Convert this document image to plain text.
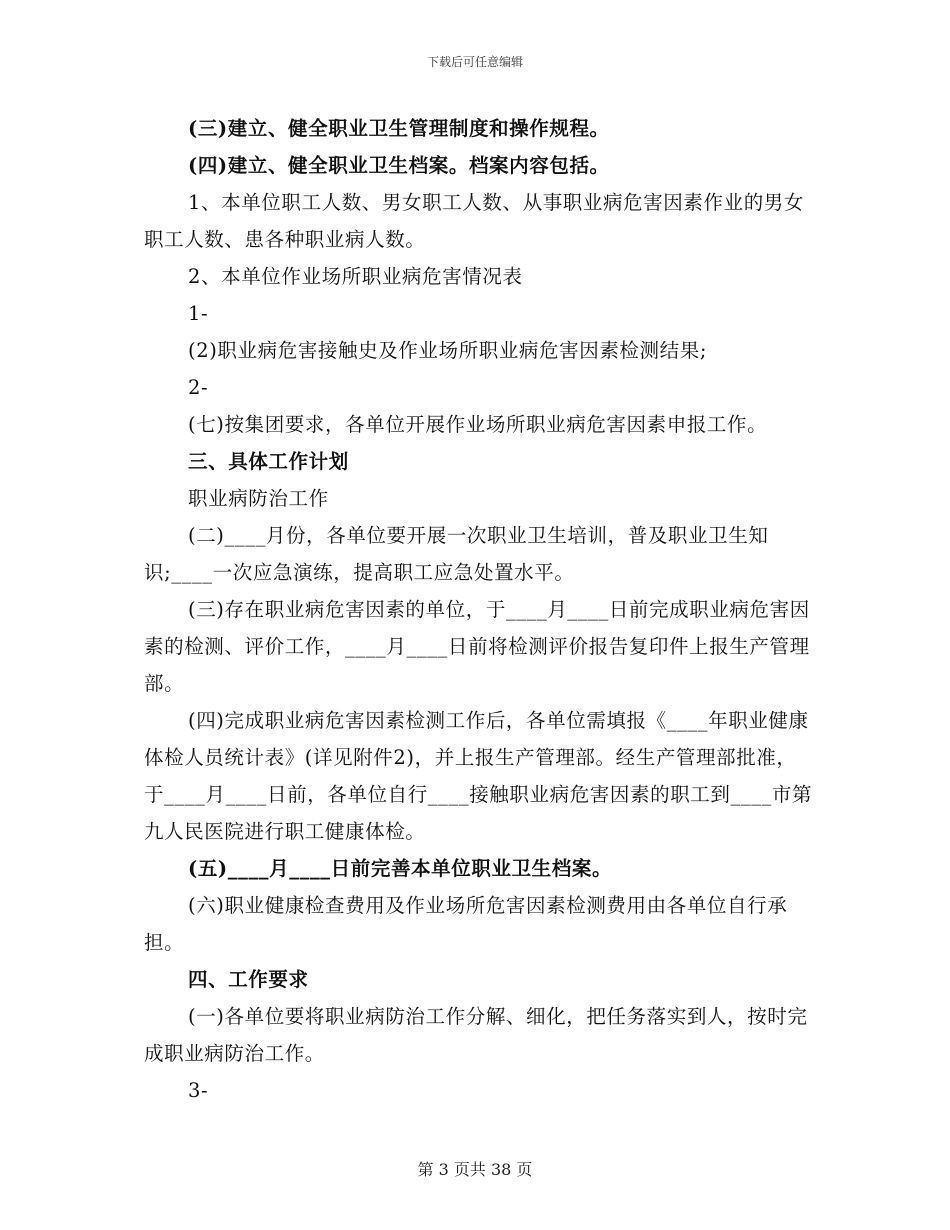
下载后可任意编辑

(三)建立、健全职业卫生管理制度和操作规程。

(四)建立、健全职业卫生档案。档案内容包括。

1、本单位职工人数、男女职工人数、从事职业病危害因素作业的男女职工人数、患各种职业病人数。

2、本单位作业场所职业病危害情况表

1-

(2)职业病危害接触史及作业场所职业病危害因素检测结果;

2-

(七)按集团要求，各单位开展作业场所职业病危害因素申报工作。

三、具体工作计划

职业病防治工作

(二)____月份，各单位要开展一次职业卫生培训，普及职业卫生知识;____一次应急演练，提高职工应急处置水平。

(三)存在职业病危害因素的单位，于____月____日前完成职业病危害因素的检测、评价工作，____月____日前将检测评价报告复印件上报生产管理部。

(四)完成职业病危害因素检测工作后，各单位需填报《____年职业健康体检人员统计表》(详见附件2)，并上报生产管理部。经生产管理部批准，于____月____日前，各单位自行____接触职业病危害因素的职工到____市第九人民医院进行职工健康体检。

(五)____月____日前完善本单位职业卫生档案。

(六)职业健康检查费用及作业场所危害因素检测费用由各单位自行承担。

四、工作要求

(一)各单位要将职业病防治工作分解、细化，把任务落实到人，按时完成职业病防治工作。

3-

第 3 页共 38 页
